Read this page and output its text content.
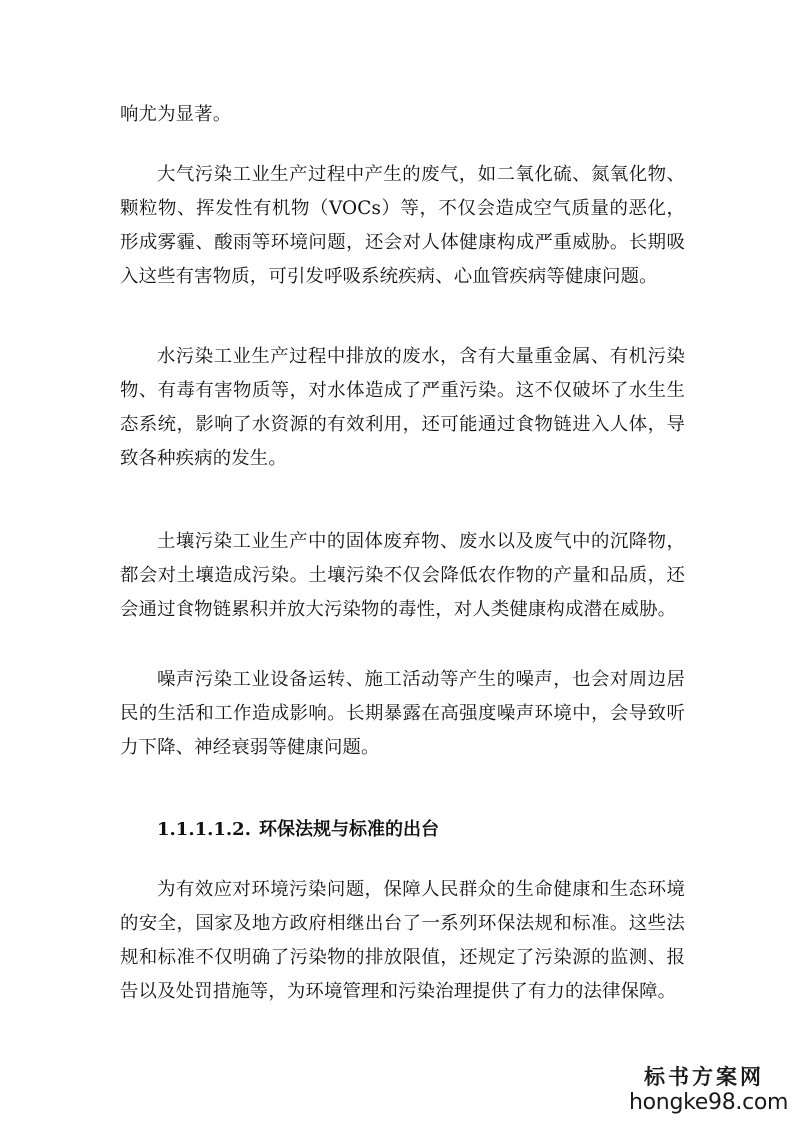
响尤为显著。

大气污染工业生产过程中产生的废气，如二氧化硫、氮氧化物、颗粒物、挥发性有机物（VOCs）等，不仅会造成空气质量的恶化，形成雾霾、酸雨等环境问题，还会对人体健康构成严重威胁。长期吸入这些有害物质，可引发呼吸系统疾病、心血管疾病等健康问题。

水污染工业生产过程中排放的废水，含有大量重金属、有机污染物、有毒有害物质等，对水体造成了严重污染。这不仅破坏了水生生态系统，影响了水资源的有效利用，还可能通过食物链进入人体，导致各种疾病的发生。

土壤污染工业生产中的固体废弃物、废水以及废气中的沉降物，都会对土壤造成污染。土壤污染不仅会降低农作物的产量和品质，还会通过食物链累积并放大污染物的毒性，对人类健康构成潜在威胁。

噪声污染工业设备运转、施工活动等产生的噪声，也会对周边居民的生活和工作造成影响。长期暴露在高强度噪声环境中，会导致听力下降、神经衰弱等健康问题。

1.1.1.1.2. 环保法规与标准的出台

为有效应对环境污染问题，保障人民群众的生命健康和生态环境的安全，国家及地方政府相继出台了一系列环保法规和标准。这些法规和标准不仅明确了污染物的排放限值，还规定了污染源的监测、报告以及处罚措施等，为环境管理和污染治理提供了有力的法律保障。

标书方案网
hongke98.com
